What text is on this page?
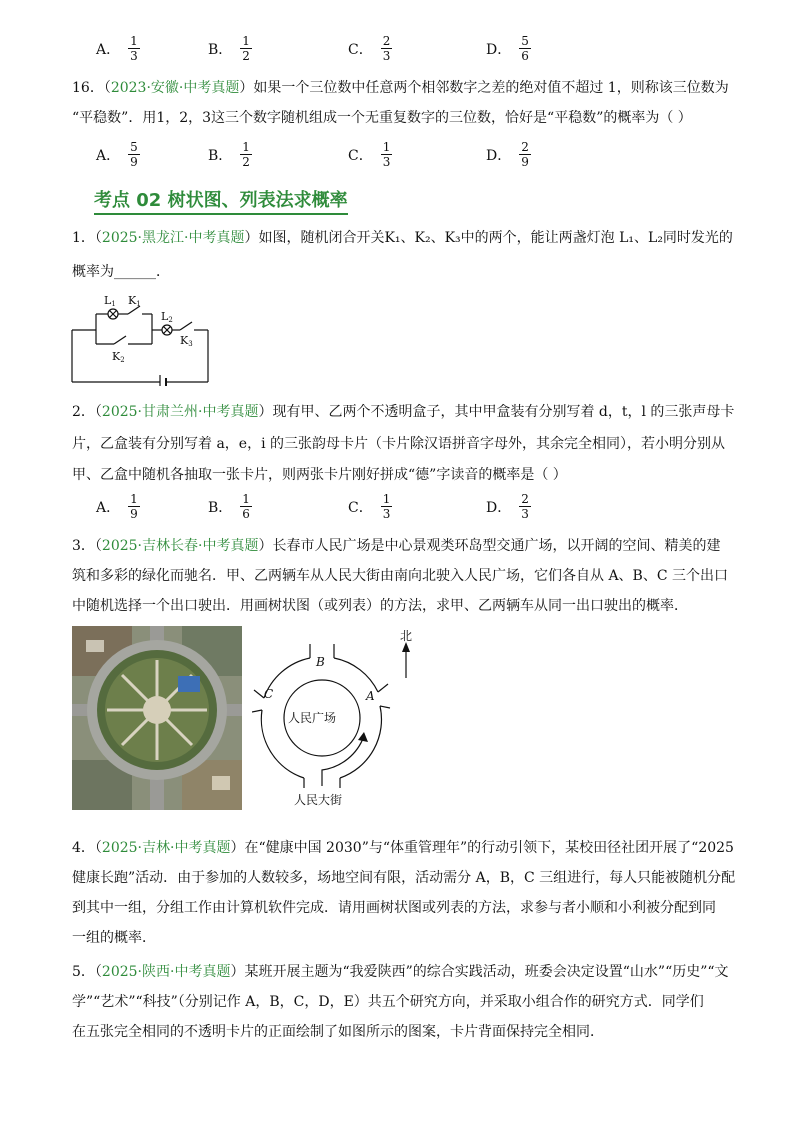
A． $\frac{1}{3}$	B． $\frac{1}{2}$	C． $\frac{2}{3}$	D． $\frac{5}{6}$
16．（2023·安徽·中考真题）如果一个三位数中任意两个相邻数字之差的绝对值不超过 1，则称该三位数为
“平稳数”．用1，2，3这三个数字随机组成一个无重复数字的三位数，恰好是“平稳数”的概率为（ ）
A． $\frac{5}{9}$	B． $\frac{1}{2}$	C． $\frac{1}{3}$	D． $\frac{2}{9}$
考点 02 树状图、列表法求概率
1．（2025·黑龙江·中考真题）如图，随机闭合开关K₁、K₂、K₃中的两个，能让两盏灯泡 L₁、L₂同时发光的
概率为______．
L1 K1
L2
K2
K3
2．（2025·甘肃兰州·中考真题）现有甲、乙两个不透明盒子，其中甲盒装有分别写着 d，t，l 的三张声母卡
片，乙盒装有分别写着 a，e，i 的三张韵母卡片（卡片除汉语拼音字母外，其余完全相同），若小明分别从
甲、乙盒中随机各抽取一张卡片，则两张卡片刚好拼成“德”字读音的概率是（ ）
A． $\frac{1}{9}$	B． $\frac{1}{6}$	C． $\frac{1}{3}$	D． $\frac{2}{3}$
3．（2025·吉林长春·中考真题）长春市人民广场是中心景观类环岛型交通广场，以开阔的空间、精美的建
筑和多彩的绿化而驰名．甲、乙两辆车从人民大街由南向北驶入人民广场，它们各自从 A、B、C 三个出口
中随机选择一个出口驶出．用画树状图（或列表）的方法，求甲、乙两辆车从同一出口驶出的概率．
人民广场
人民大街
北
B
A
C
4．（2025·吉林·中考真题）在“健康中国 2030”与“体重管理年”的行动引领下，某校田径社团开展了“2025
健康长跑”活动．由于参加的人数较多，场地空间有限，活动需分 A，B，C 三组进行，每人只能被随机分配
到其中一组，分组工作由计算机软件完成．请用画树状图或列表的方法，求参与者小顺和小利被分配到同
一组的概率．
5．（2025·陕西·中考真题）某班开展主题为“我爱陕西”的综合实践活动，班委会决定设置“山水”“历史”“文
学”“艺术”“科技”（分别记作 A，B，C，D，E）共五个研究方向，并采取小组合作的研究方式．同学们
在五张完全相同的不透明卡片的正面绘制了如图所示的图案，卡片背面保持完全相同．
